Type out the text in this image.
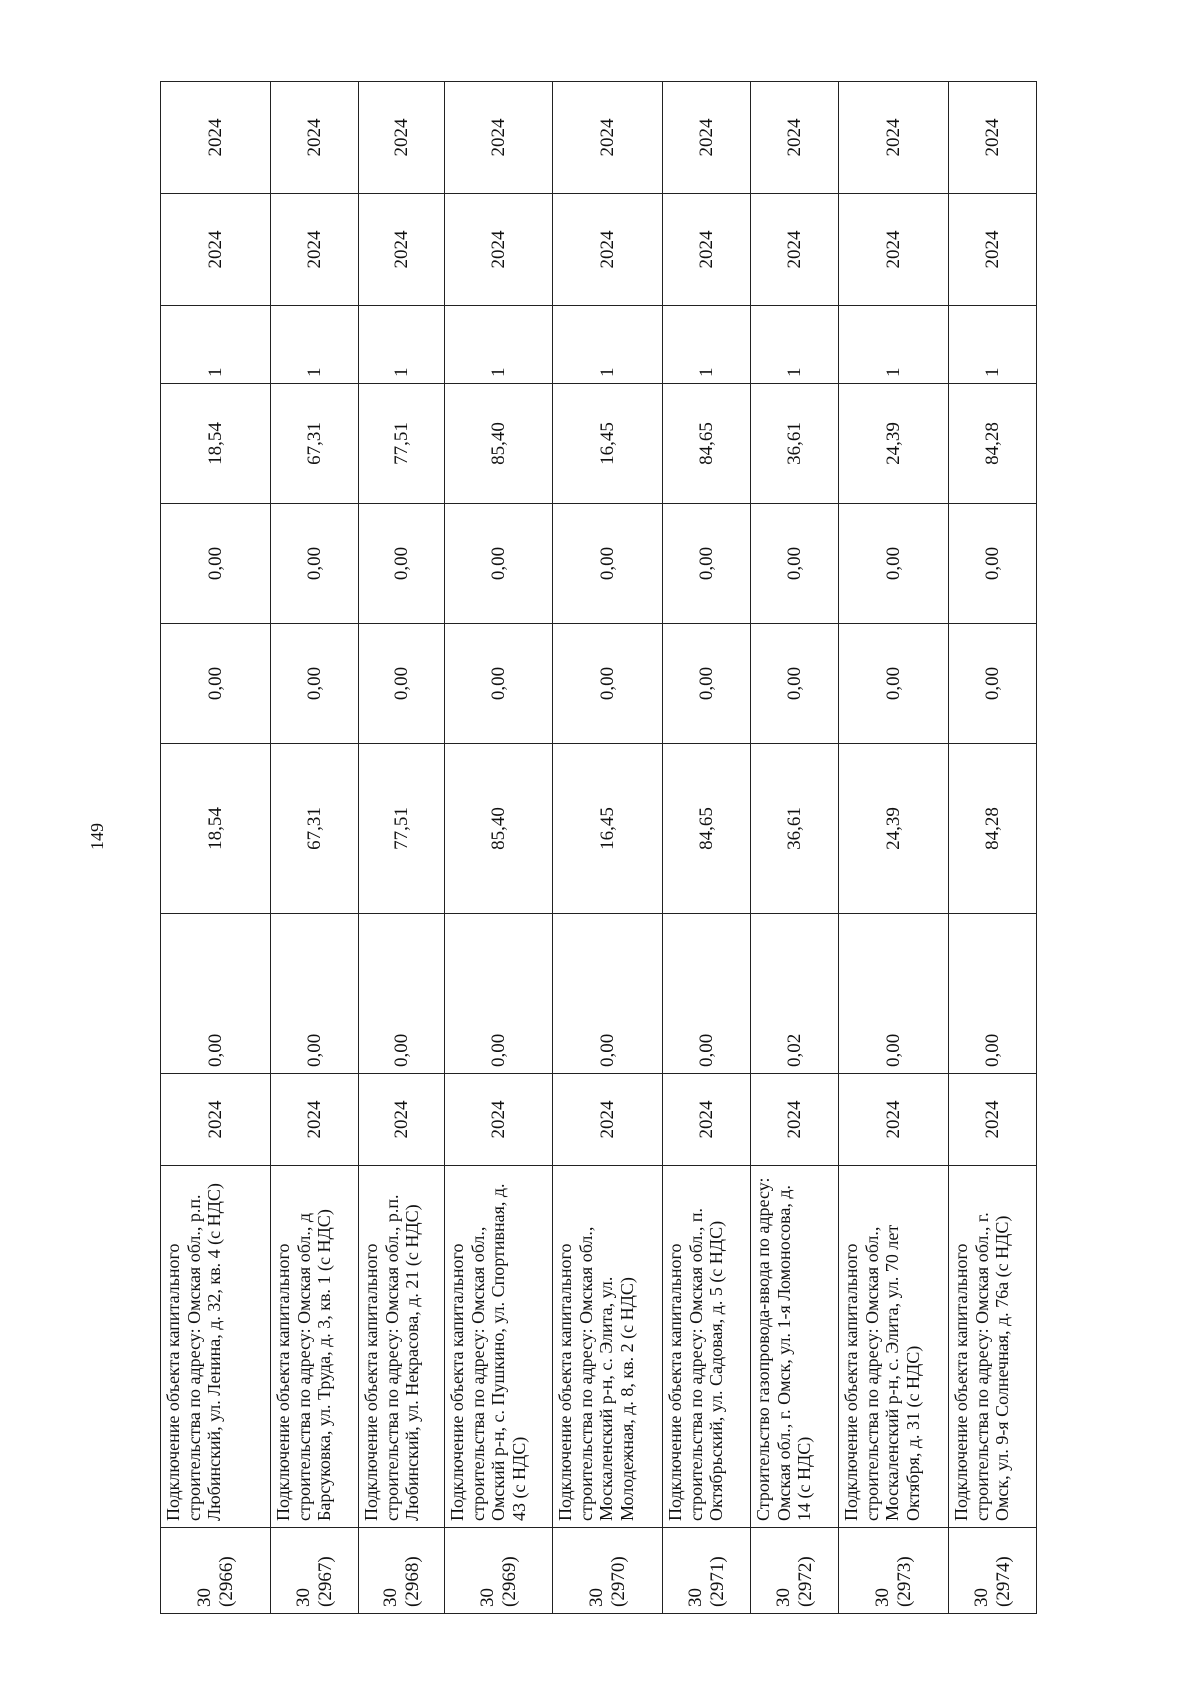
149
30
(2966)	Подключение объекта капитального строительства по адресу: Омская обл., р.п. Любинский, ул. Ленина, д. 32, кв. 4 (с НДС)	2024	0,00	18,54	0,00	0,00	18,54	1	2024	2024
30
(2967)	Подключение объекта капитального строительства по адресу: Омская обл., д Барсуковка, ул. Труда, д. 3, кв. 1 (с НДС)	2024	0,00	67,31	0,00	0,00	67,31	1	2024	2024
30
(2968)	Подключение объекта капитального строительства по адресу: Омская обл., р.п. Любинский, ул. Некрасова, д. 21 (с НДС)	2024	0,00	77,51	0,00	0,00	77,51	1	2024	2024
30
(2969)	Подключение объекта капитального строительства по адресу: Омская обл., Омский р-н, с. Пушкино, ул. Спортивная, д. 43 (с НДС)	2024	0,00	85,40	0,00	0,00	85,40	1	2024	2024
30
(2970)	Подключение объекта капитального строительства по адресу: Омская обл., Москаленский р-н, с. Элита, ул. Молодежная, д. 8, кв. 2 (с НДС)	2024	0,00	16,45	0,00	0,00	16,45	1	2024	2024
30
(2971)	Подключение объекта капитального строительства по адресу: Омская обл., п. Октябрьский, ул. Садовая, д. 5 (с НДС)	2024	0,00	84,65	0,00	0,00	84,65	1	2024	2024
30
(2972)	Строительство газопровода-ввода по адресу: Омская обл., г. Омск, ул. 1-я Ломоносова, д. 14 (с НДС)	2024	0,02	36,61	0,00	0,00	36,61	1	2024	2024
30
(2973)	Подключение объекта капитального строительства по адресу: Омская обл., Москаленский р-н, с. Элита, ул. 70 лет Октября, д. 31 (с НДС)	2024	0,00	24,39	0,00	0,00	24,39	1	2024	2024
30
(2974)	Подключение объекта капитального строительства по адресу: Омская обл., г. Омск, ул. 9-я Солнечная, д. 76а (с НДС)	2024	0,00	84,28	0,00	0,00	84,28	1	2024	2024
